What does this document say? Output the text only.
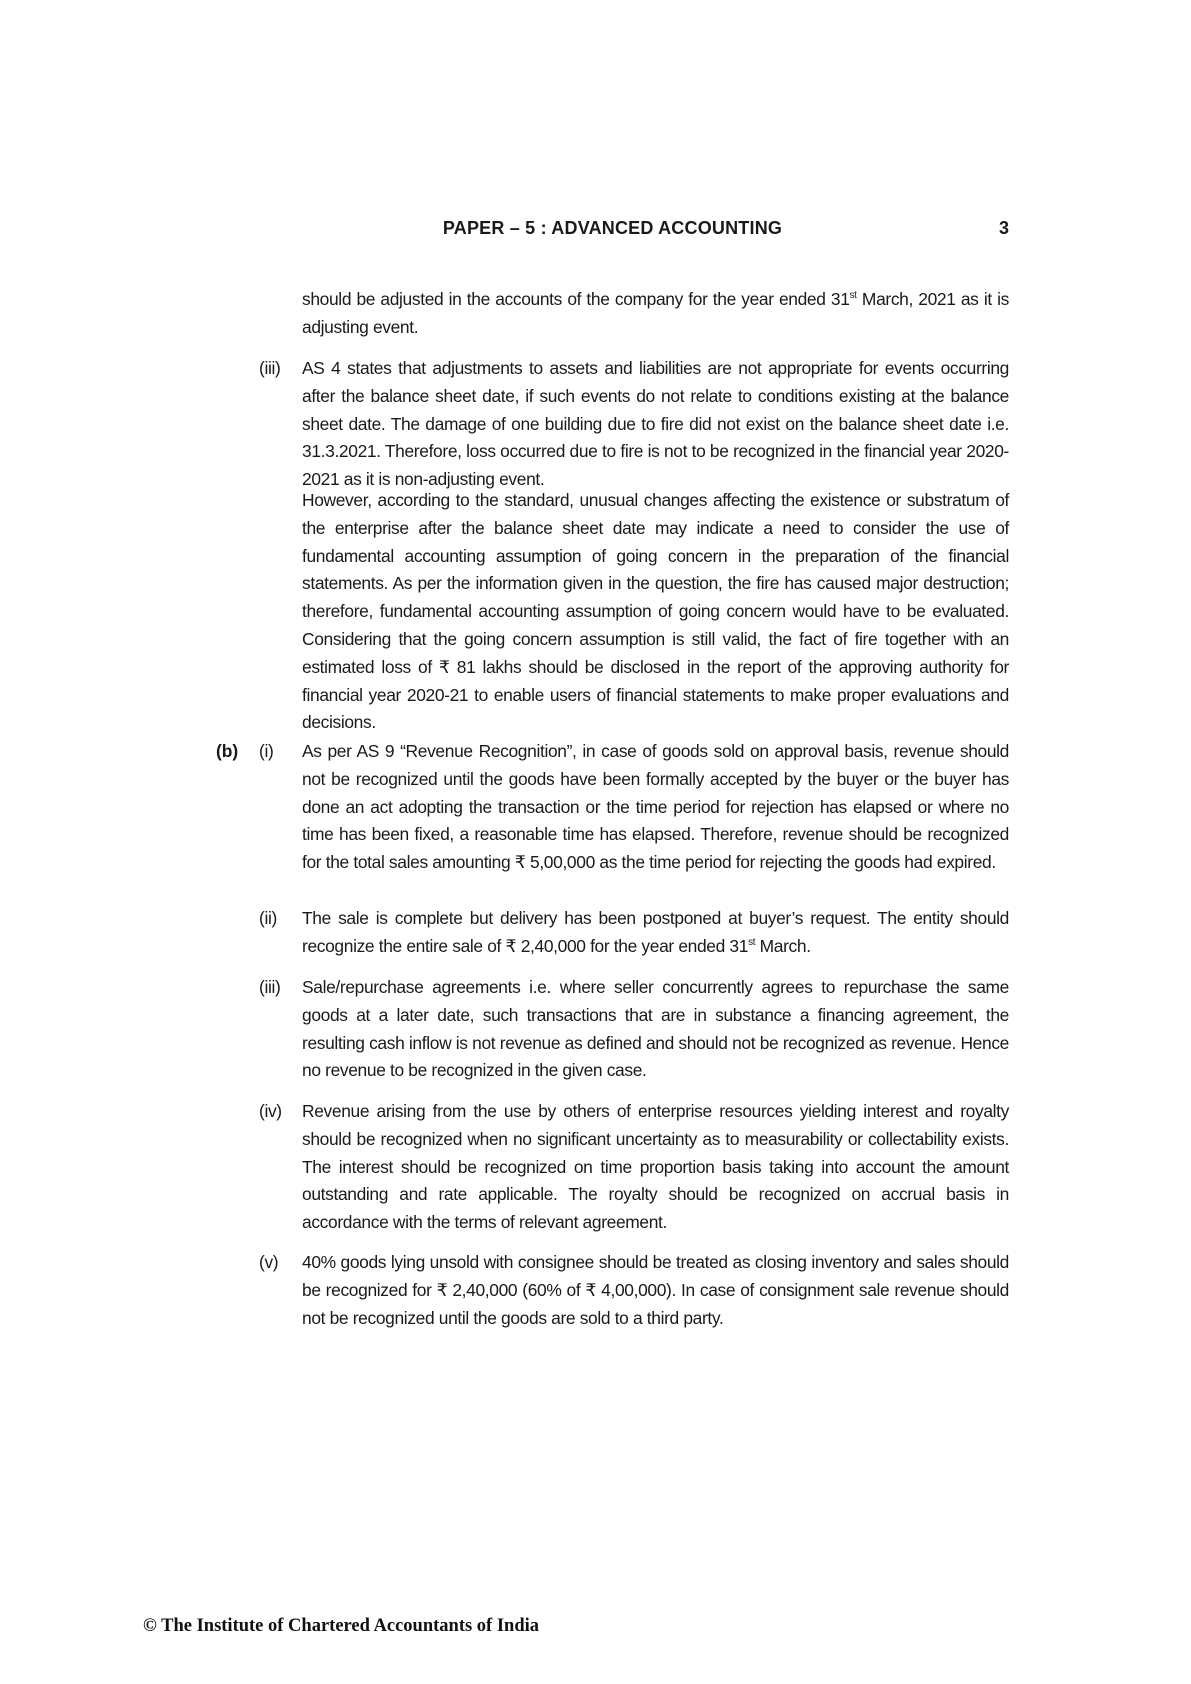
PAPER – 5 : ADVANCED ACCOUNTING	3

should be adjusted in the accounts of the company for the year ended 31st March, 2021 as it is adjusting event.

(iii) AS 4 states that adjustments to assets and liabilities are not appropriate for events occurring after the balance sheet date, if such events do not relate to conditions existing at the balance sheet date. The damage of one building due to fire did not exist on the balance sheet date i.e. 31.3.2021. Therefore, loss occurred due to fire is not to be recognized in the financial year 2020-2021 as it is non-adjusting event.

However, according to the standard, unusual changes affecting the existence or substratum of the enterprise after the balance sheet date may indicate a need to consider the use of fundamental accounting assumption of going concern in the preparation of the financial statements. As per the information given in the question, the fire has caused major destruction; therefore, fundamental accounting assumption of going concern would have to be evaluated. Considering that the going concern assumption is still valid, the fact of fire together with an estimated loss of ₹ 81 lakhs should be disclosed in the report of the approving authority for financial year 2020-21 to enable users of financial statements to make proper evaluations and decisions.

(b) (i) As per AS 9 “Revenue Recognition”, in case of goods sold on approval basis, revenue should not be recognized until the goods have been formally accepted by the buyer or the buyer has done an act adopting the transaction or the time period for rejection has elapsed or where no time has been fixed, a reasonable time has elapsed. Therefore, revenue should be recognized for the total sales amounting ₹ 5,00,000 as the time period for rejecting the goods had expired.

(ii) The sale is complete but delivery has been postponed at buyer’s request. The entity should recognize the entire sale of ₹ 2,40,000 for the year ended 31st March.

(iii) Sale/repurchase agreements i.e. where seller concurrently agrees to repurchase the same goods at a later date, such transactions that are in substance a financing agreement, the resulting cash inflow is not revenue as defined and should not be recognized as revenue. Hence no revenue to be recognized in the given case.

(iv) Revenue arising from the use by others of enterprise resources yielding interest and royalty should be recognized when no significant uncertainty as to measurability or collectability exists. The interest should be recognized on time proportion basis taking into account the amount outstanding and rate applicable. The royalty should be recognized on accrual basis in accordance with the terms of relevant agreement.

(v) 40% goods lying unsold with consignee should be treated as closing inventory and sales should be recognized for ₹ 2,40,000 (60% of ₹ 4,00,000). In case of consignment sale revenue should not be recognized until the goods are sold to a third party.

© The Institute of Chartered Accountants of India
